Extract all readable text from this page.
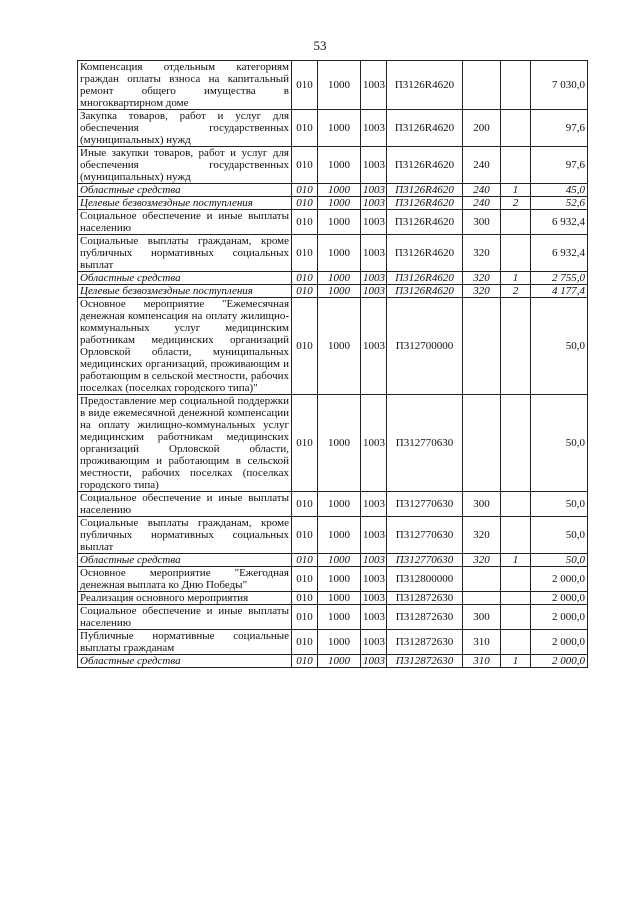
53
Компенсация отдельным категориям граждан оплаты взноса на капитальный ремонт общего имущества в многоквартирном доме	010	1000	1003	П3126R4620			7 030,0
Закупка товаров, работ и услуг для обеспечения государственных (муниципальных) нужд	010	1000	1003	П3126R4620	200		97,6
Иные закупки товаров, работ и услуг для обеспечения государственных (муниципальных) нужд	010	1000	1003	П3126R4620	240		97,6
Областные средства	010	1000	1003	П3126R4620	240	1	45,0
Целевые безвозмездные поступления	010	1000	1003	П3126R4620	240	2	52,6
Социальное обеспечение и иные выплаты населению	010	1000	1003	П3126R4620	300		6 932,4
Социальные выплаты гражданам, кроме публичных нормативных социальных выплат	010	1000	1003	П3126R4620	320		6 932,4
Областные средства	010	1000	1003	П3126R4620	320	1	2 755,0
Целевые безвозмездные поступления	010	1000	1003	П3126R4620	320	2	4 177,4
Основное мероприятие "Ежемесячная денежная компенсация на оплату жилищно-коммунальных услуг медицинским работникам медицинских организаций Орловской области, муниципальных медицинских организаций, проживающим и работающим в сельской местности, рабочих поселках (поселках городского типа)"	010	1000	1003	П312700000			50,0
Предоставление мер социальной поддержки в виде ежемесячной денежной компенсации на оплату жилищно-коммунальных услуг медицинским работникам медицинских организаций Орловской области, проживающим и работающим в сельской местности, рабочих поселках (поселках городского типа)	010	1000	1003	П312770630			50,0
Социальное обеспечение и иные выплаты населению	010	1000	1003	П312770630	300		50,0
Социальные выплаты гражданам, кроме публичных нормативных социальных выплат	010	1000	1003	П312770630	320		50,0
Областные средства	010	1000	1003	П312770630	320	1	50,0
Основное мероприятие "Ежегодная денежная выплата ко Дню Победы"	010	1000	1003	П312800000			2 000,0
Реализация основного мероприятия	010	1000	1003	П312872630			2 000,0
Социальное обеспечение и иные выплаты населению	010	1000	1003	П312872630	300		2 000,0
Публичные нормативные социальные выплаты гражданам	010	1000	1003	П312872630	310		2 000,0
Областные средства	010	1000	1003	П312872630	310	1	2 000,0
